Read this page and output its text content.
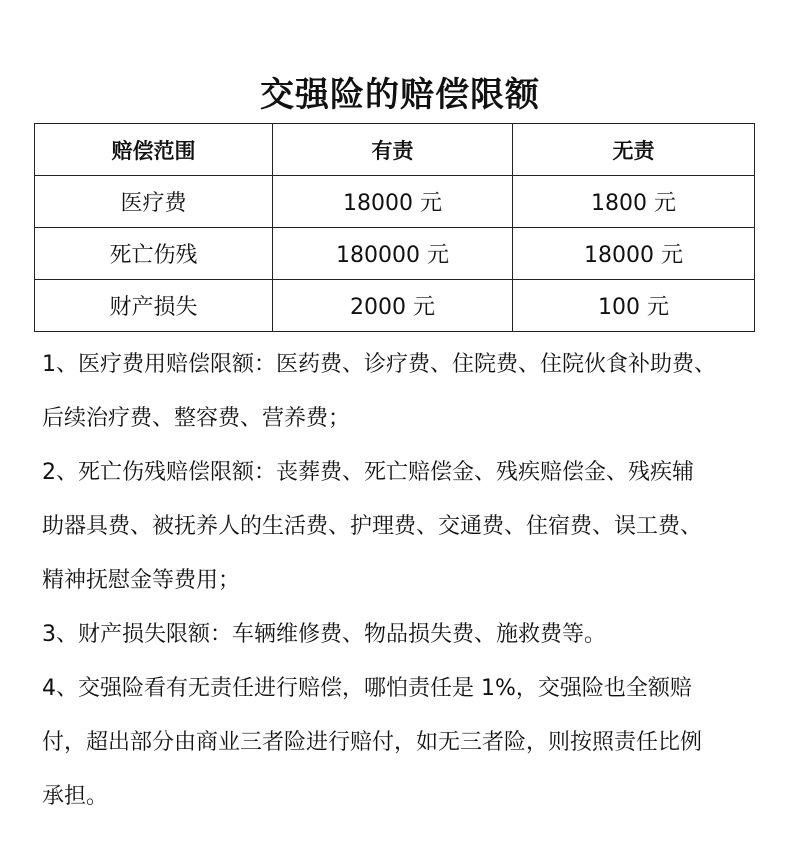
交强险的赔偿限额
赔偿范围	有责	无责
医疗费	18000 元	1800 元
死亡伤残	180000 元	18000 元
财产损失	2000 元	100 元
1、医疗费用赔偿限额：医药费、诊疗费、住院费、住院伙食补助费、
后续治疗费、整容费、营养费；
2、死亡伤残赔偿限额：丧葬费、死亡赔偿金、残疾赔偿金、残疾辅
助器具费、被抚养人的生活费、护理费、交通费、住宿费、误工费、
精神抚慰金等费用；
3、财产损失限额：车辆维修费、物品损失费、施救费等。
4、交强险看有无责任进行赔偿，哪怕责任是 1%，交强险也全额赔
付，超出部分由商业三者险进行赔付，如无三者险，则按照责任比例
承担。
